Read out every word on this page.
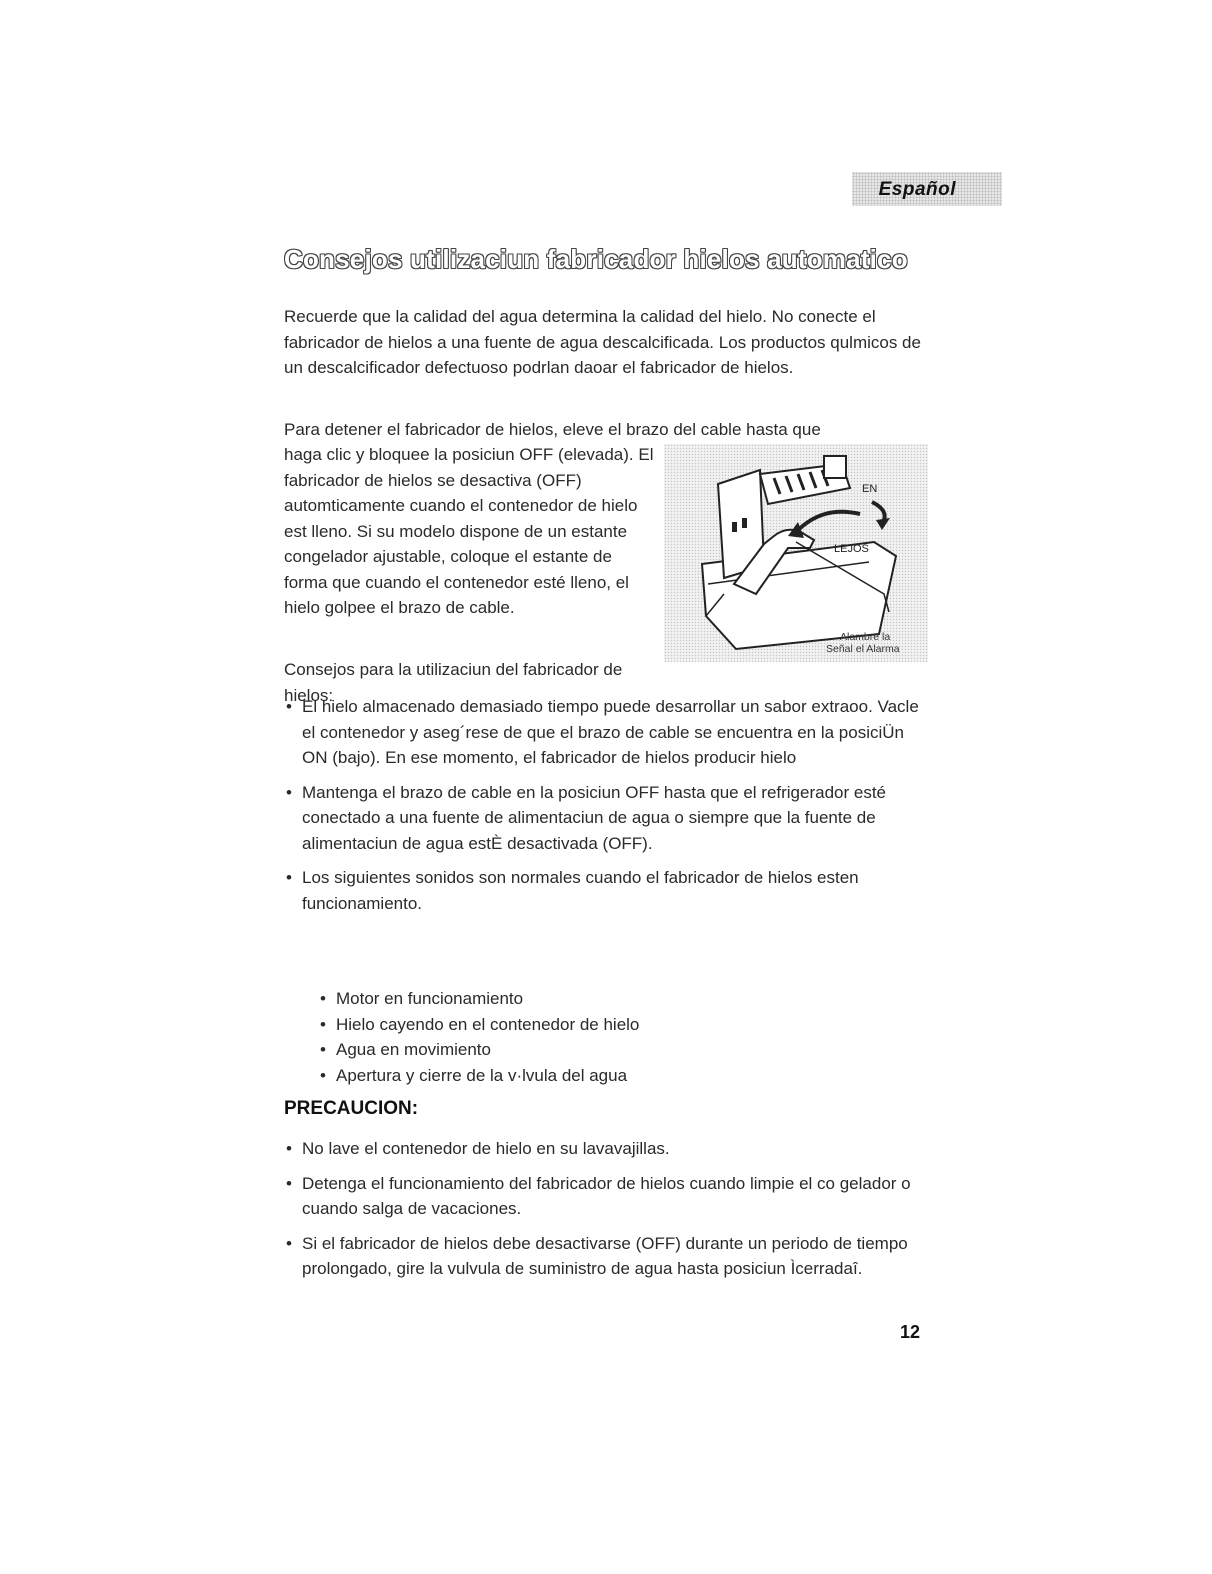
Español
Consejos utilizaciun fabricador hielos automatico
Recuerde que la calidad del agua determina la calidad del hielo. No conecte el fabricador de hielos a una fuente de agua descalcificada. Los productos qulmicos de un descalcificador defectuoso podrlan daoar el fabricador de hielos.
Para detener el fabricador de hielos, eleve el brazo del cable hasta que
haga clic y bloquee la posiciun OFF (elevada). El fabricador de hielos se desactiva (OFF) automticamente cuando el contenedor de hielo est lleno. Si su modelo dispone de un estante congelador ajustable, coloque el estante de forma que cuando el contenedor esté lleno, el hielo golpee el brazo de cable.
Consejos para la utilizaciun del fabricador de hielos:
EN
LEJOS
Alambre la
Señal el Alarma
• El hielo almacenado demasiado tiempo puede desarrollar un sabor extraoo. Vacle el contenedor y aseg´rese de que el brazo de cable se encuentra en la posiciÜn ON (bajo). En ese momento, el fabricador de hielos producir hielo
• Mantenga el brazo de cable en la posiciun OFF hasta que el refrigerador esté conectado a una fuente de alimentaciun de agua o siempre que la fuente de alimentaciun de agua estÈ desactivada (OFF).
• Los siguientes sonidos son normales cuando el fabricador de hielos esten funcionamiento.
• Motor en funcionamiento
• Hielo cayendo en el contenedor de hielo
• Agua en movimiento
• Apertura y cierre de la v·lvula del agua
PRECAUCION:
• No lave el contenedor de hielo en su lavavajillas.
• Detenga el funcionamiento del fabricador de hielos cuando limpie el co gelador o cuando salga de vacaciones.
• Si el fabricador de hielos debe desactivarse (OFF) durante un periodo de tiempo prolongado, gire la vulvula de suministro de agua hasta posiciun Ìcerradaî.
12
